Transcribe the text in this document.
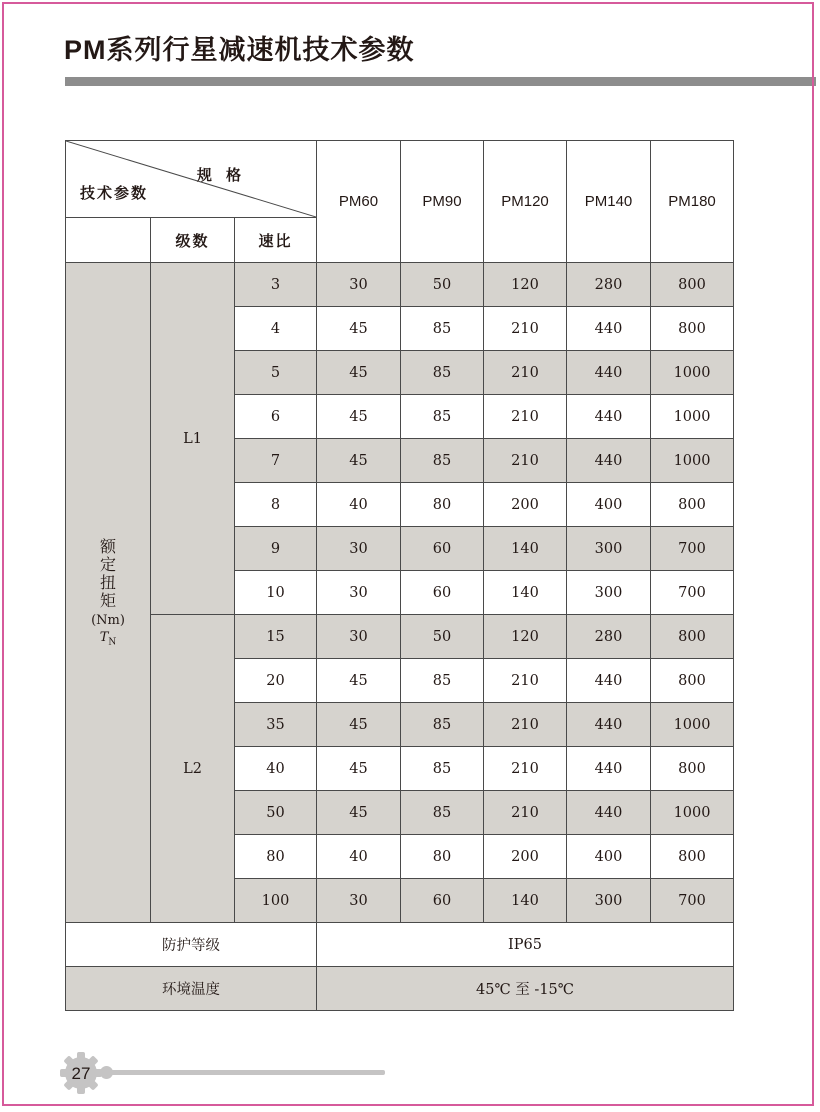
PM系列行星减速机技术参数
规 格
技术参数			PM60	PM90	PM120	PM140	PM180
	级数	速比					

额
定
扭
矩
(Nm)
$T_N$
	L1	3	30	50	120	280	800
		4	45	85	210	440	800
		5	45	85	210	440	1000
		6	45	85	210	440	1000
		7	45	85	210	440	1000
		8	40	80	200	400	800
		9	30	60	140	300	700
		10	30	60	140	300	700
	L2	15	30	50	120	280	800
		20	45	85	210	440	800
		35	45	85	210	440	1000
		40	45	85	210	440	800
		50	45	85	210	440	1000
		80	40	80	200	400	800
		100	30	60	140	300	700
防护等级			IP65				
环境温度			45℃ 至 -15℃				
27
